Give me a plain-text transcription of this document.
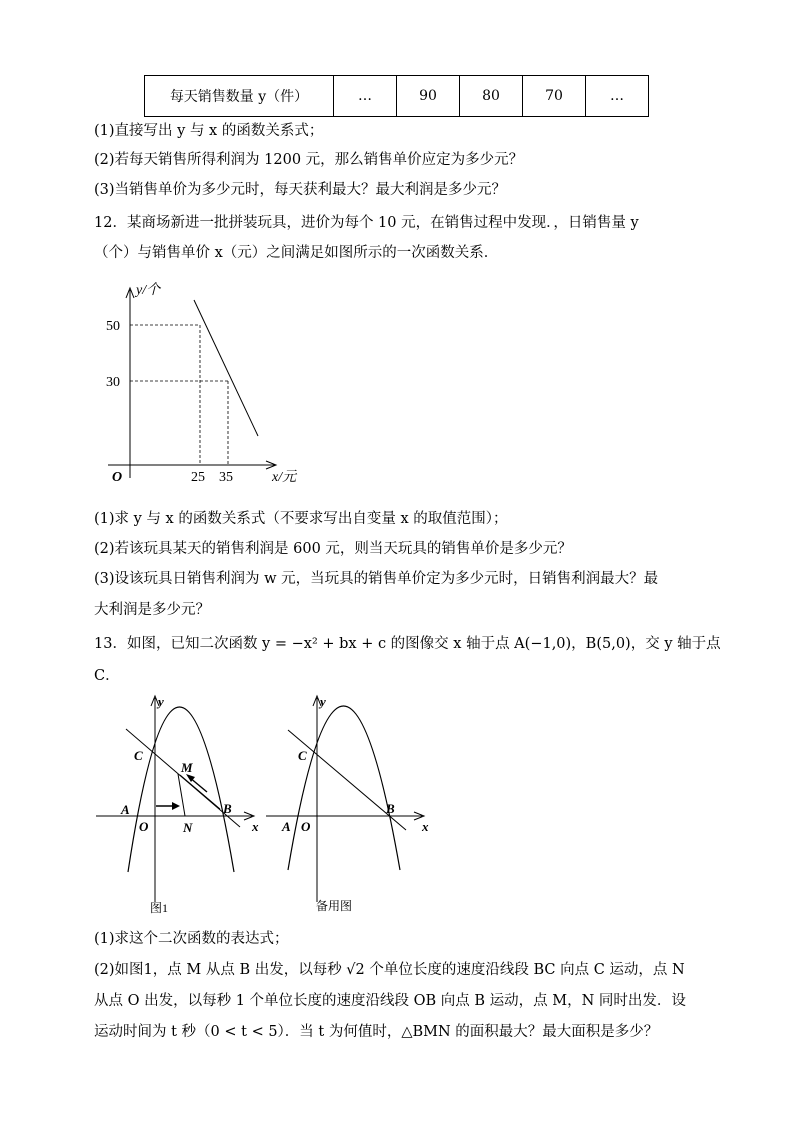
每天销售数量 y（件）	…	90	80	70	…
(1)直接写出 y 与 x 的函数关系式；
(2)若每天销售所得利润为 1200 元，那么销售单价应定为多少元？
(3)当销售单价为多少元时，每天获利最大？最大利润是多少元？
12．某商场新进一批拼装玩具，进价为每个 10 元，在销售过程中发现．，日销售量 y
（个）与销售单价 x（元）之间满足如图所示的一次函数关系．
y/个
x/元
O
50
30
25 35
(1)求 y 与 x 的函数关系式（不要求写出自变量 x 的取值范围）；
(2)若该玩具某天的销售利润是 600 元，则当天玩具的销售单价是多少元？
(3)设该玩具日销售利润为 w 元，当玩具的销售单价定为多少元时，日销售利润最大？最
大利润是多少元？
13．如图，已知二次函数 y = −x² + bx + c 的图像交 x 轴于点 A(−1,0)，B(5,0)，交 y 轴于点
C．
y
x
C
A
O	N
B
M
图1
y
x
C
A O
B
备用图
(1)求这个二次函数的表达式；
(2)如图1，点 M 从点 B 出发，以每秒 √2 个单位长度的速度沿线段 BC 向点 C 运动，点 N
从点 O 出发，以每秒 1 个单位长度的速度沿线段 OB 向点 B 运动，点 M，N 同时出发．设
运动时间为 t 秒（0 < t < 5）．当 t 为何值时，△BMN 的面积最大？最大面积是多少？
